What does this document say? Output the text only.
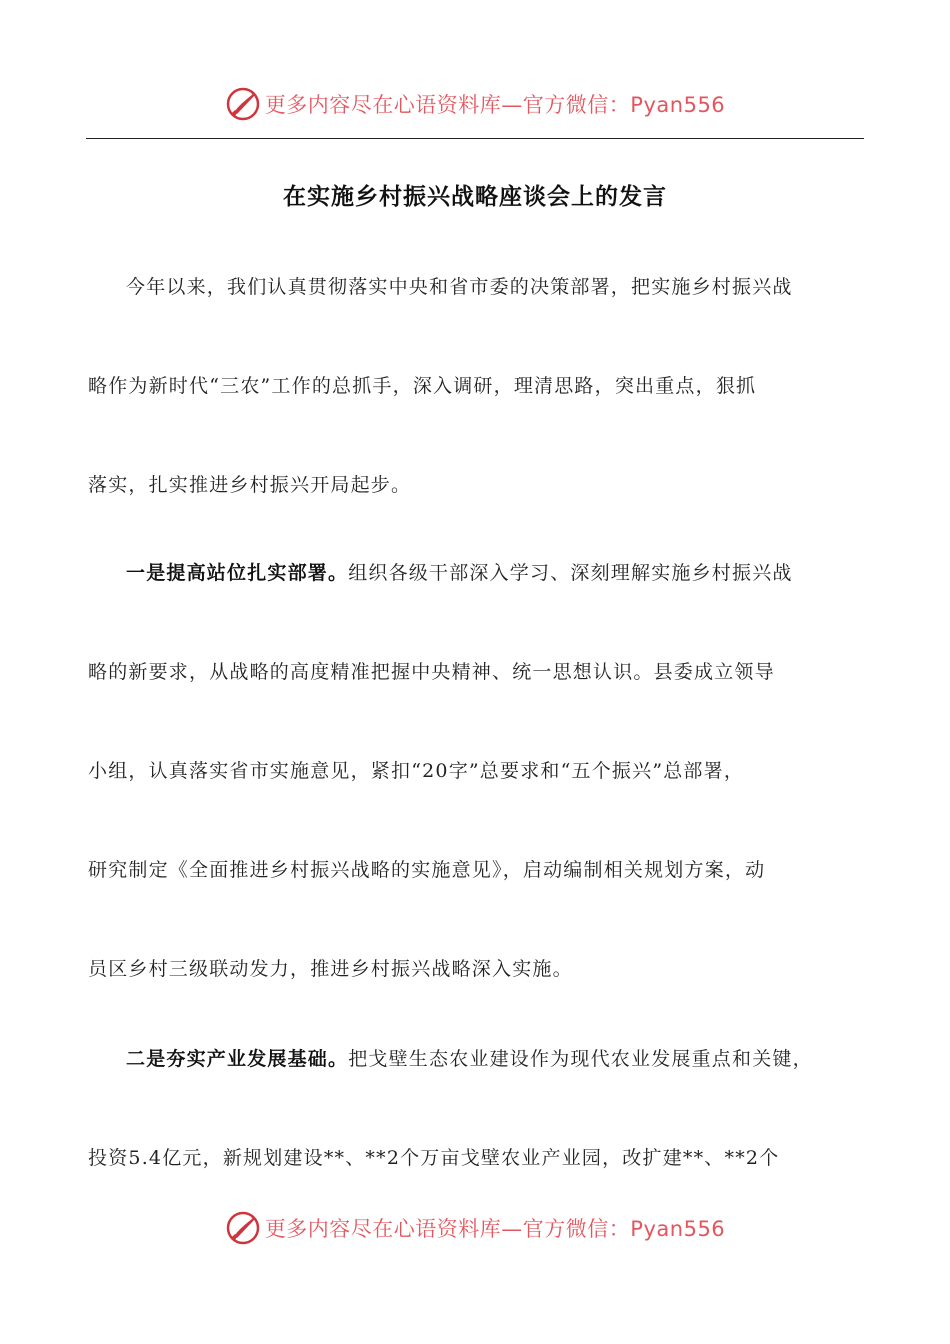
更多内容尽在心语资料库—官方微信：Pyan556
在实施乡村振兴战略座谈会上的发言
今年以来，我们认真贯彻落实中央和省市委的决策部署，把实施乡村振兴战
略作为新时代“三农”工作的总抓手，深入调研，理清思路，突出重点，狠抓
落实，扎实推进乡村振兴开局起步。
一是提高站位扎实部署。组织各级干部深入学习、深刻理解实施乡村振兴战
略的新要求，从战略的高度精准把握中央精神、统一思想认识。县委成立领导
小组，认真落实省市实施意见，紧扣“20字”总要求和“五个振兴”总部署，
研究制定《全面推进乡村振兴战略的实施意见》，启动编制相关规划方案，动
员区乡村三级联动发力，推进乡村振兴战略深入实施。
二是夯实产业发展基础。把戈壁生态农业建设作为现代农业发展重点和关键，
投资5.4亿元，新规划建设**、**2个万亩戈壁农业产业园，改扩建**、**2个
更多内容尽在心语资料库—官方微信：Pyan556
